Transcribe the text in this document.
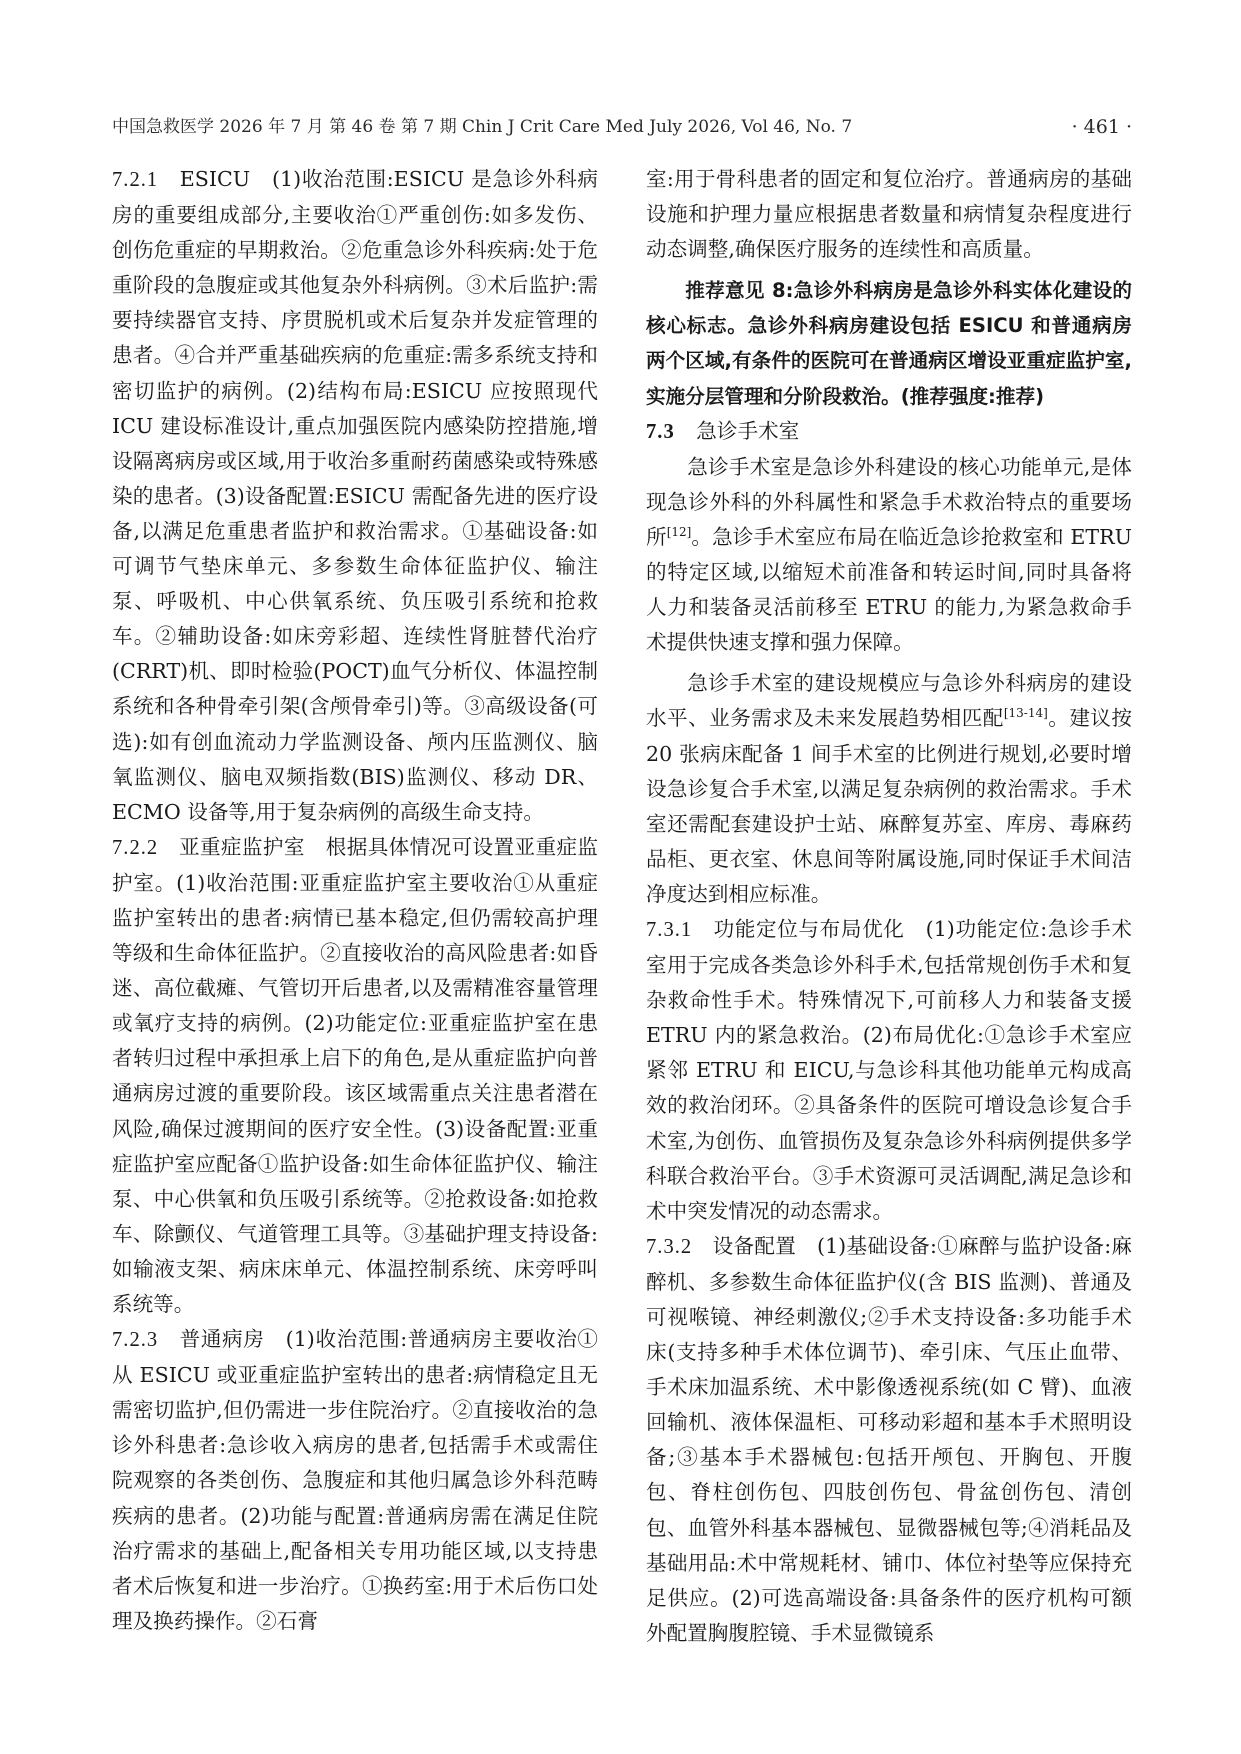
中国急救医学 2026 年 7 月 第 46 卷 第 7 期 Chin J Crit Care Med July 2026, Vol 46, No. 7	· 461 ·

7.2.1 ESICU　(1)收治范围:ESICU 是急诊外科病房的重要组成部分,主要收治①严重创伤:如多发伤、创伤危重症的早期救治。②危重急诊外科疾病:处于危重阶段的急腹症或其他复杂外科病例。③术后监护:需要持续器官支持、序贯脱机或术后复杂并发症管理的患者。④合并严重基础疾病的危重症:需多系统支持和密切监护的病例。(2)结构布局:ESICU 应按照现代 ICU 建设标准设计,重点加强医院内感染防控措施,增设隔离病房或区域,用于收治多重耐药菌感染或特殊感染的患者。(3)设备配置:ESICU 需配备先进的医疗设备,以满足危重患者监护和救治需求。①基础设备:如可调节气垫床单元、多参数生命体征监护仪、输注泵、呼吸机、中心供氧系统、负压吸引系统和抢救车。②辅助设备:如床旁彩超、连续性肾脏替代治疗(CRRT)机、即时检验(POCT)血气分析仪、体温控制系统和各种骨牵引架(含颅骨牵引)等。③高级设备(可选):如有创血流动力学监测设备、颅内压监测仪、脑氧监测仪、脑电双频指数(BIS)监测仪、移动 DR、ECMO 设备等,用于复杂病例的高级生命支持。

7.2.2 亚重症监护室　根据具体情况可设置亚重症监护室。(1)收治范围:亚重症监护室主要收治①从重症监护室转出的患者:病情已基本稳定,但仍需较高护理等级和生命体征监护。②直接收治的高风险患者:如昏迷、高位截瘫、气管切开后患者,以及需精准容量管理或氧疗支持的病例。(2)功能定位:亚重症监护室在患者转归过程中承担承上启下的角色,是从重症监护向普通病房过渡的重要阶段。该区域需重点关注患者潜在风险,确保过渡期间的医疗安全性。(3)设备配置:亚重症监护室应配备①监护设备:如生命体征监护仪、输注泵、中心供氧和负压吸引系统等。②抢救设备:如抢救车、除颤仪、气道管理工具等。③基础护理支持设备:如输液支架、病床床单元、体温控制系统、床旁呼叫系统等。

7.2.3 普通病房　(1)收治范围:普通病房主要收治①从 ESICU 或亚重症监护室转出的患者:病情稳定且无需密切监护,但仍需进一步住院治疗。②直接收治的急诊外科患者:急诊收入病房的患者,包括需手术或需住院观察的各类创伤、急腹症和其他归属急诊外科范畴疾病的患者。(2)功能与配置:普通病房需在满足住院治疗需求的基础上,配备相关专用功能区域,以支持患者术后恢复和进一步治疗。①换药室:用于术后伤口处理及换药操作。②石膏

室:用于骨科患者的固定和复位治疗。普通病房的基础设施和护理力量应根据患者数量和病情复杂程度进行动态调整,确保医疗服务的连续性和高质量。

推荐意见 8:急诊外科病房是急诊外科实体化建设的核心标志。急诊外科病房建设包括 ESICU 和普通病房两个区域,有条件的医院可在普通病区增设亚重症监护室,实施分层管理和分阶段救治。(推荐强度:推荐)

7.3 急诊手术室

急诊手术室是急诊外科建设的核心功能单元,是体现急诊外科的外科属性和紧急手术救治特点的重要场所[12]。急诊手术室应布局在临近急诊抢救室和 ETRU 的特定区域,以缩短术前准备和转运时间,同时具备将人力和装备灵活前移至 ETRU 的能力,为紧急救命手术提供快速支撑和强力保障。

急诊手术室的建设规模应与急诊外科病房的建设水平、业务需求及未来发展趋势相匹配[13-14]。建议按 20 张病床配备 1 间手术室的比例进行规划,必要时增设急诊复合手术室,以满足复杂病例的救治需求。手术室还需配套建设护士站、麻醉复苏室、库房、毒麻药品柜、更衣室、休息间等附属设施,同时保证手术间洁净度达到相应标准。

7.3.1 功能定位与布局优化　(1)功能定位:急诊手术室用于完成各类急诊外科手术,包括常规创伤手术和复杂救命性手术。特殊情况下,可前移人力和装备支援 ETRU 内的紧急救治。(2)布局优化:①急诊手术室应紧邻 ETRU 和 EICU,与急诊科其他功能单元构成高效的救治闭环。②具备条件的医院可增设急诊复合手术室,为创伤、血管损伤及复杂急诊外科病例提供多学科联合救治平台。③手术资源可灵活调配,满足急诊和术中突发情况的动态需求。

7.3.2 设备配置　(1)基础设备:①麻醉与监护设备:麻醉机、多参数生命体征监护仪(含 BIS 监测)、普通及可视喉镜、神经刺激仪;②手术支持设备:多功能手术床(支持多种手术体位调节)、牵引床、气压止血带、手术床加温系统、术中影像透视系统(如 C 臂)、血液回输机、液体保温柜、可移动彩超和基本手术照明设备;③基本手术器械包:包括开颅包、开胸包、开腹包、脊柱创伤包、四肢创伤包、骨盆创伤包、清创包、血管外科基本器械包、显微器械包等;④消耗品及基础用品:术中常规耗材、铺巾、体位衬垫等应保持充足供应。(2)可选高端设备:具备条件的医疗机构可额外配置胸腹腔镜、手术显微镜系
